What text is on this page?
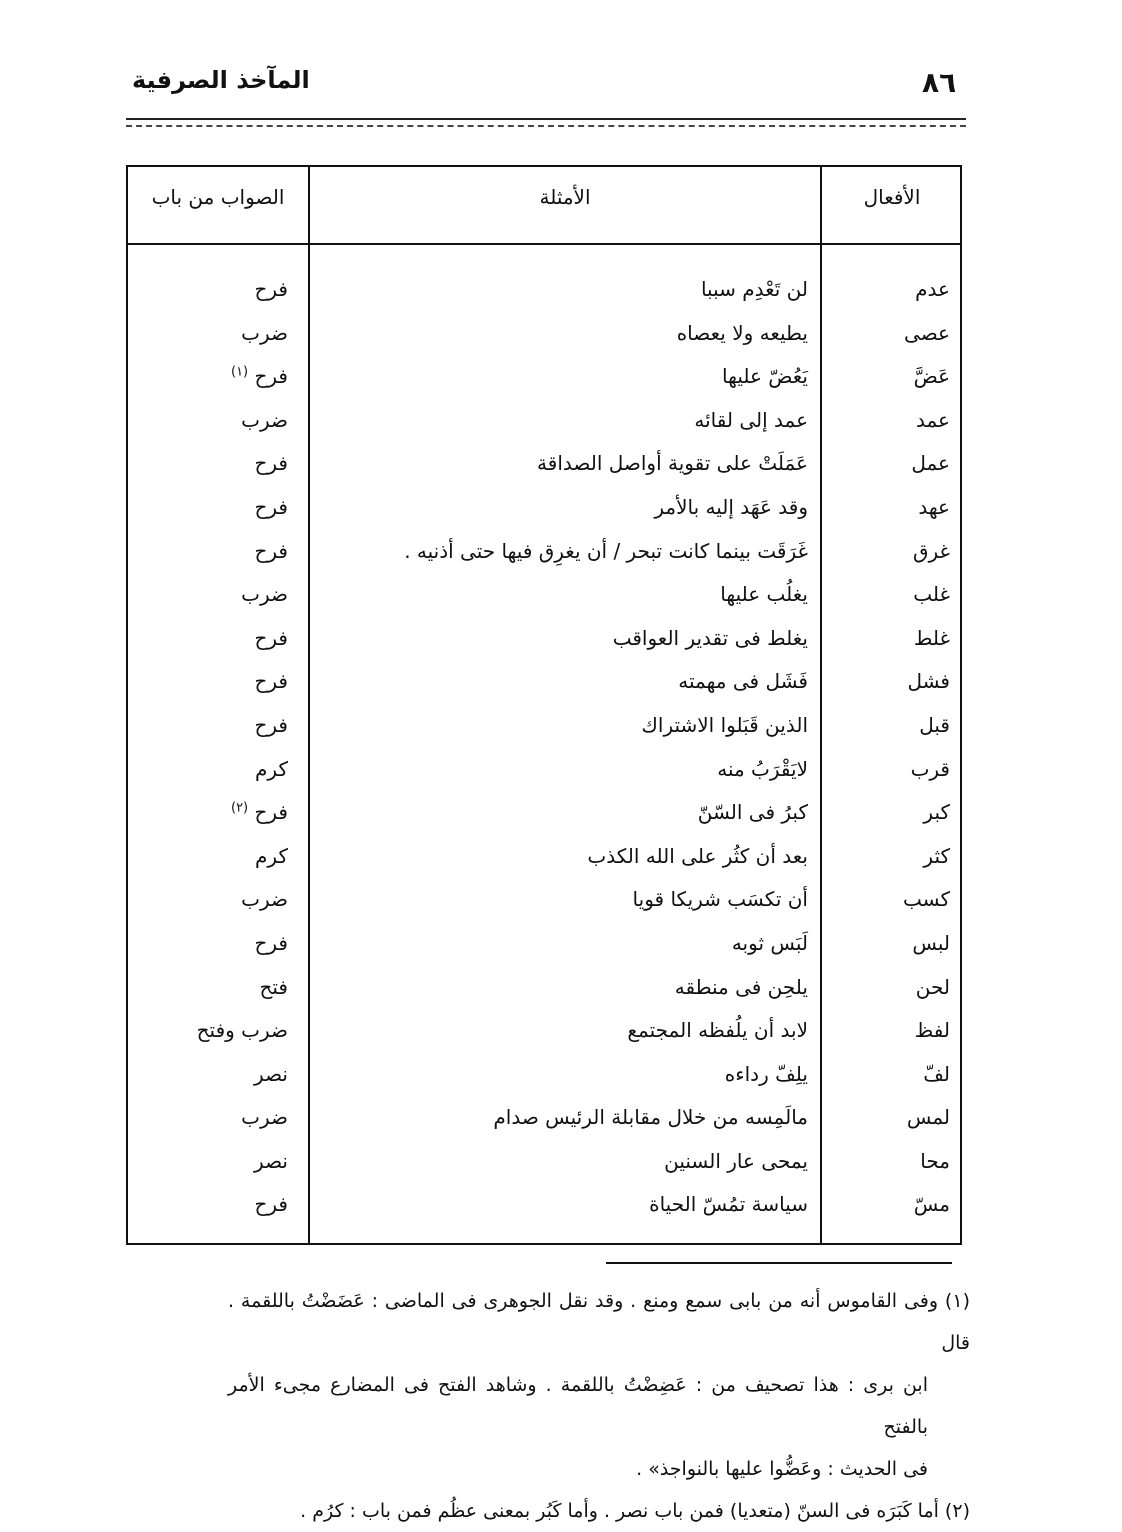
المآخذ الصرفية	٨٦
الأفعال
الأمثلة
الصواب من باب
عدم
لن تَعْدِم سببا
فرح
عصى
يطيعه ولا يعصاه
ضرب
عَضَّ
يَعُضّ عليها
فرح $^{(١)}$
عمد
عمد إلى لقائه
ضرب
عمل
عَمَلَتْ على تقوية أواصل الصداقة
فرح
عهد
وقد عَهَد إليه بالأمر
فرح
غرق
غَرَقَت بينما كانت تبحر / أن يغرِق فيها حتى أذنيه .
فرح
غلب
يغلُب عليها
ضرب
غلط
يغلط فى تقدير العواقب
فرح
فشل
فَشَل فى مهمته
فرح
قبل
الذين قَبَلوا الاشتراك
فرح
قرب
لايَقْرَبُ منه
كرم
كبر
كبرُ فى السّنّ
فرح $^{(٢)}$
كثر
بعد أن كثُر على الله الكذب
كرم
كسب
أن تكسَب شريكا قويا
ضرب
لبس
لَبَس ثوبه
فرح
لحن
يلحِن فى منطقه
فتح
لفظ
لابد أن يلُفظه المجتمع
ضرب وفتح
لفّ
يلِفّ رداءه
نصر
لمس
مالَمِسه من خلال مقابلة الرئيس صدام
ضرب
محا
يمحى عار السنين
نصر
مسّ
سياسة تمُسّ الحياة
فرح

(١) وفى القاموس أنه من بابى سمع ومنع . وقد نقل الجوهرى فى الماضى : عَضَضْتُ باللقمة . قال

ابن برى : هذا تصحيف من : عَضِضْتُ باللقمة . وشاهد الفتح فى المضارع مجىء الأمر بالفتح

فى الحديث : وعَضُّوا عليها بالنواجذ» .

(٢) أما كَبَرَه فى السنّ (متعديا) فمن باب نصر . وأما كَبُر بمعنى عظُم فمن باب : كرُم .
